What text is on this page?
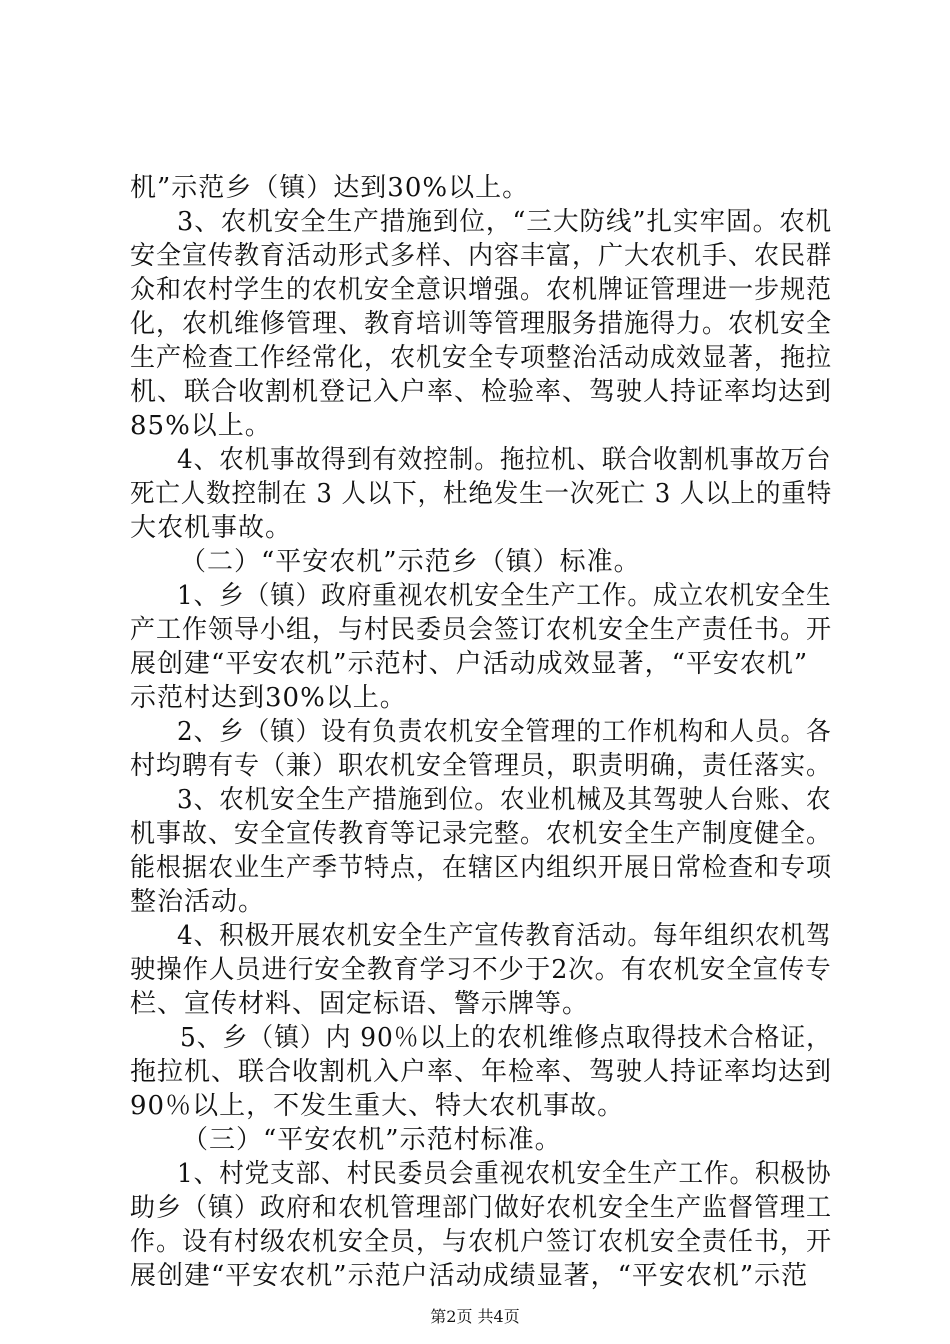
机”示范乡（镇）达到30%以上。
3、农机安全生产措施到位，“三大防线”扎实牢固。农机
安全宣传教育活动形式多样、内容丰富，广大农机手、农民群
众和农村学生的农机安全意识增强。农机牌证管理进一步规范
化，农机维修管理、教育培训等管理服务措施得力。农机安全
生产检查工作经常化，农机安全专项整治活动成效显著，拖拉
机、联合收割机登记入户率、检验率、驾驶人持证率均达到
85%以上。
4、农机事故得到有效控制。拖拉机、联合收割机事故万台
死亡人数控制在 3 人以下，杜绝发生一次死亡 3 人以上的重特
大农机事故。
（二）“平安农机”示范乡（镇）标准。
1、乡（镇）政府重视农机安全生产工作。成立农机安全生
产工作领导小组，与村民委员会签订农机安全生产责任书。开
展创建“平安农机”示范村、户活动成效显著，“平安农机”
示范村达到30%以上。
2、乡（镇）设有负责农机安全管理的工作机构和人员。各
村均聘有专（兼）职农机安全管理员，职责明确，责任落实。
3、农机安全生产措施到位。农业机械及其驾驶人台账、农
机事故、安全宣传教育等记录完整。农机安全生产制度健全。
能根据农业生产季节特点，在辖区内组织开展日常检查和专项
整治活动。
4、积极开展农机安全生产宣传教育活动。每年组织农机驾
驶操作人员进行安全教育学习不少于2次。有农机安全宣传专
栏、宣传材料、固定标语、警示牌等。
5、乡（镇）内 90％以上的农机维修点取得技术合格证，
拖拉机、联合收割机入户率、年检率、驾驶人持证率均达到
90％以上，不发生重大、特大农机事故。
（三）“平安农机”示范村标准。
1、村党支部、村民委员会重视农机安全生产工作。积极协
助乡（镇）政府和农机管理部门做好农机安全生产监督管理工
作。设有村级农机安全员，与农机户签订农机安全责任书，开
展创建“平安农机”示范户活动成绩显著，“平安农机”示范
第2页 共4页
